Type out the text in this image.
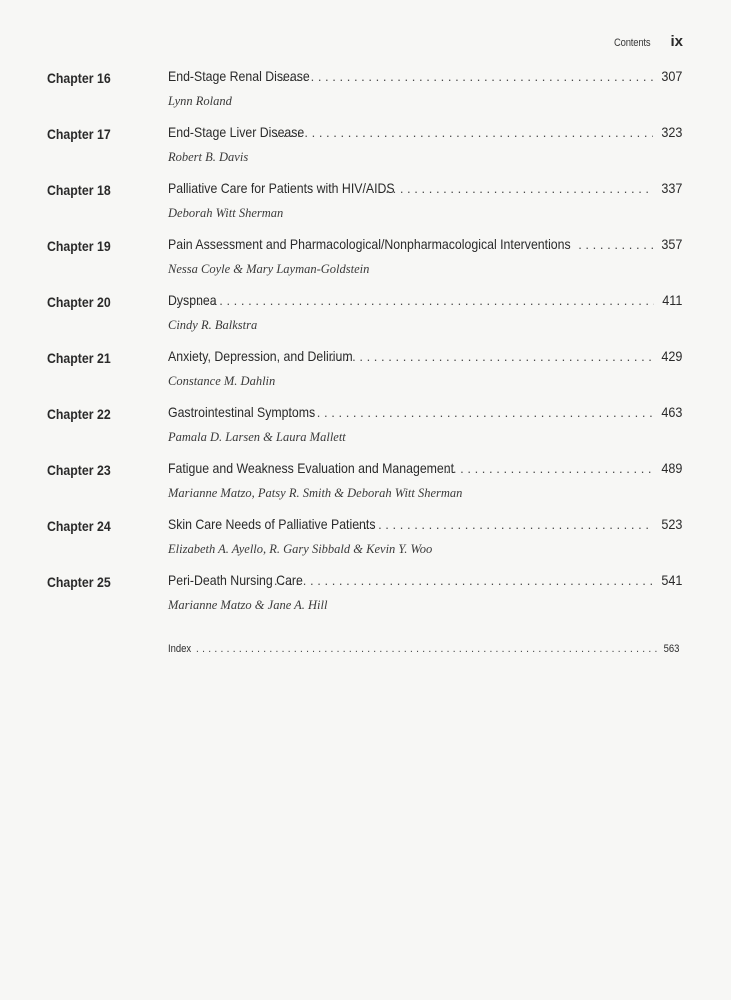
Contents ix
Chapter 16	End-Stage Renal Disease . . .	307
Lynn Roland
Chapter 17	End-Stage Liver Disease . . .	323
Robert B. Davis
Chapter 18	Palliative Care for Patients with HIV/AIDS . . .	337
Deborah Witt Sherman
Chapter 19	Pain Assessment and Pharmacological/Nonpharmacological Interventions . . .	357
Nessa Coyle & Mary Layman-Goldstein
Chapter 20	Dyspnea . . .	411
Cindy R. Balkstra
Chapter 21	Anxiety, Depression, and Delirium . . .	429
Constance M. Dahlin
Chapter 22	Gastrointestinal Symptoms . . .	463
Pamala D. Larsen & Laura Mallett
Chapter 23	Fatigue and Weakness Evaluation and Management . . .	489
Marianne Matzo, Patsy R. Smith & Deborah Witt Sherman
Chapter 24	Skin Care Needs of Palliative Patients . . .	523
Elizabeth A. Ayello, R. Gary Sibbald & Kevin Y. Woo
Chapter 25	Peri-Death Nursing Care . . .	541
Marianne Matzo & Jane A. Hill
Index . . .	563
